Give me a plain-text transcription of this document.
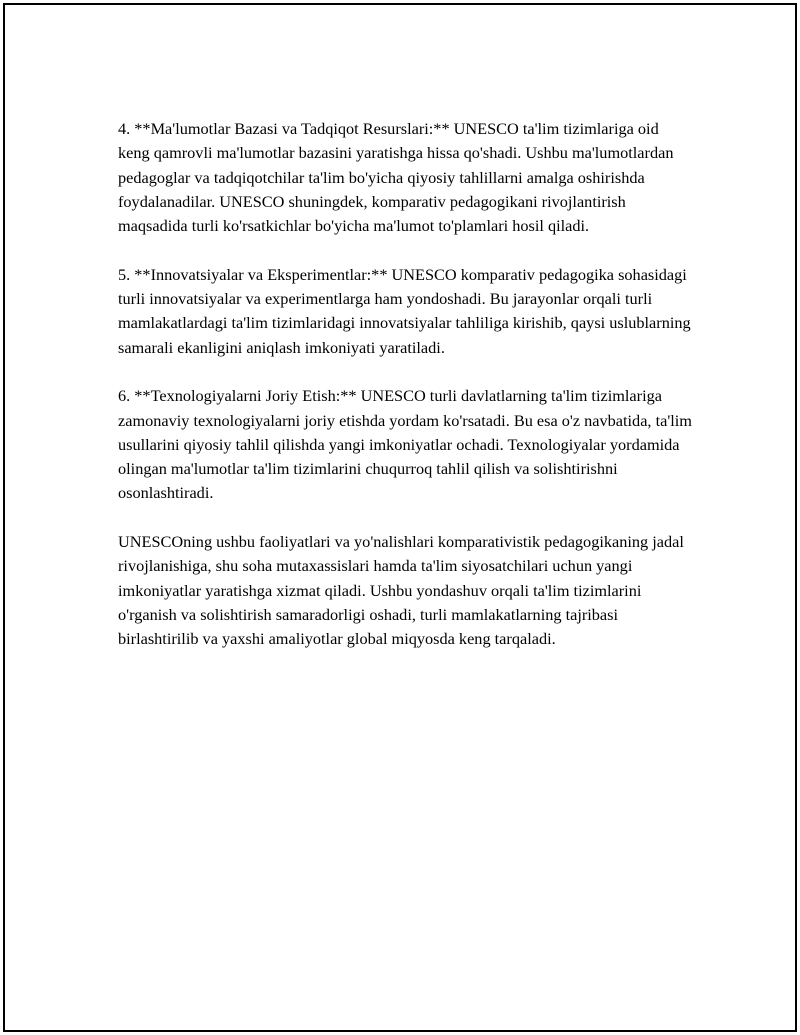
4. **Ma'lumotlar Bazasi va Tadqiqot Resurslari:** UNESCO ta'lim tizimlariga oid keng qamrovli ma'lumotlar bazasini yaratishga hissa qo'shadi. Ushbu ma'lumotlardan pedagoglar va tadqiqotchilar ta'lim bo'yicha qiyosiy tahlillarni amalga oshirishda foydalanadilar. UNESCO shuningdek, komparativ pedagogikani rivojlantirish maqsadida turli ko'rsatkichlar bo'yicha ma'lumot to'plamlari hosil qiladi.

5. **Innovatsiyalar va Eksperimentlar:** UNESCO komparativ pedagogika sohasidagi turli innovatsiyalar va experimentlarga ham yondoshadi. Bu jarayonlar orqali turli mamlakatlardagi ta'lim tizimlaridagi innovatsiyalar tahliliga kirishib, qaysi uslublarning samarali ekanligini aniqlash imkoniyati yaratiladi.

6. **Texnologiyalarni Joriy Etish:** UNESCO turli davlatlarning ta'lim tizimlariga zamonaviy texnologiyalarni joriy etishda yordam ko'rsatadi. Bu esa o'z navbatida, ta'lim usullarini qiyosiy tahlil qilishda yangi imkoniyatlar ochadi. Texnologiyalar yordamida olingan ma'lumotlar ta'lim tizimlarini chuqurroq tahlil qilish va solishtirishni osonlashtiradi.

UNESCOning ushbu faoliyatlari va yo'nalishlari komparativistik pedagogikaning jadal rivojlanishiga, shu soha mutaxassislari hamda ta'lim siyosatchilari uchun yangi imkoniyatlar yaratishga xizmat qiladi. Ushbu yondashuv orqali ta'lim tizimlarini o'rganish va solishtirish samaradorligi oshadi, turli mamlakatlarning tajribasi birlashtirilib va yaxshi amaliyotlar global miqyosda keng tarqaladi.
